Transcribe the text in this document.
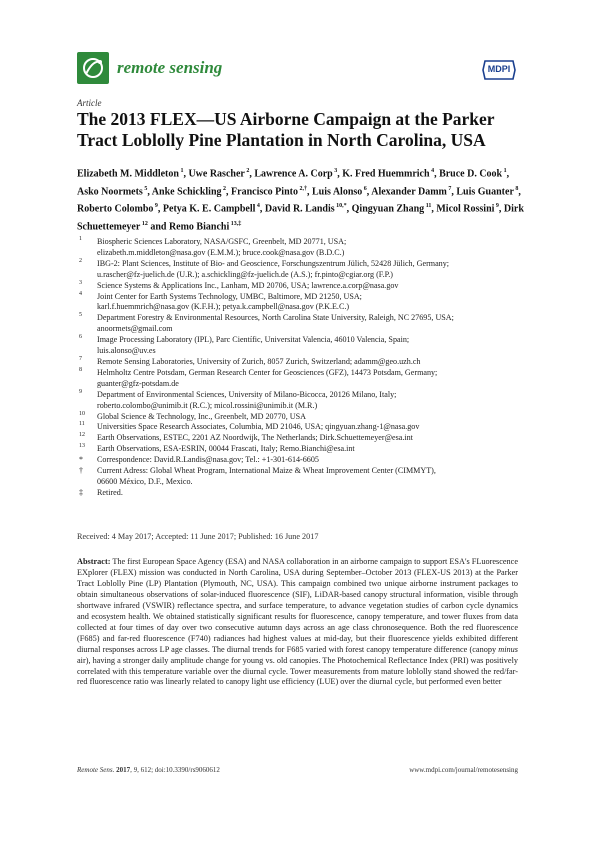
remote sensing	MDPI
Article
The 2013 FLEX—US Airborne Campaign at the Parker Tract Loblolly Pine Plantation in North Carolina, USA
Elizabeth M. Middleton $^1$, Uwe Rascher $^2$, Lawrence A. Corp $^3$, K. Fred Huemmrich $^4$, Bruce D. Cook $^1$, Asko Noormets $^5$, Anke Schickling $^2$, Francisco Pinto $^{2,\dagger}$, Luis Alonso $^6$, Alexander Damm $^7$, Luis Guanter $^8$, Roberto Colombo $^9$, Petya K. E. Campbell $^4$, David R. Landis $^{10,*}$, Qingyuan Zhang $^{11}$, Micol Rossini $^9$, Dirk Schuettemeyer $^{12}$ and Remo Bianchi $^{13,\ddagger}$
1 Biospheric Sciences Laboratory, NASA/GSFC, Greenbelt, MD 20771, USA;
elizabeth.m.middleton@nasa.gov (E.M.M.); bruce.cook@nasa.gov (B.D.C.)
2 IBG-2: Plant Sciences, Institute of Bio- and Geoscience, Forschungszentrum Jülich, 52428 Jülich, Germany;
u.rascher@fz-juelich.de (U.R.); a.schickling@fz-juelich.de (A.S.); fr.pinto@cgiar.org (F.P.)
3 Science Systems & Applications Inc., Lanham, MD 20706, USA; lawrence.a.corp@nasa.gov
4 Joint Center for Earth Systems Technology, UMBC, Baltimore, MD 21250, USA;
karl.f.huemmrich@nasa.gov (K.F.H.); petya.k.campbell@nasa.gov (P.K.E.C.)
5 Department Forestry & Environmental Resources, North Carolina State University, Raleigh, NC 27695, USA;
anoormets@gmail.com
6 Image Processing Laboratory (IPL), Parc Científic, Universitat Valencia, 46010 Valencia, Spain;
luis.alonso@uv.es
7 Remote Sensing Laboratories, University of Zurich, 8057 Zurich, Switzerland; adamm@geo.uzh.ch
8 Helmholtz Centre Potsdam, German Research Center for Geosciences (GFZ), 14473 Potsdam, Germany;
guanter@gfz-potsdam.de
9 Department of Environmental Sciences, University of Milano-Bicocca, 20126 Milano, Italy;
roberto.colombo@unimib.it (R.C.); micol.rossini@unimib.it (M.R.)
10 Global Science & Technology, Inc., Greenbelt, MD 20770, USA
11 Universities Space Research Associates, Columbia, MD 21046, USA; qingyuan.zhang-1@nasa.gov
12 Earth Observations, ESTEC, 2201 AZ Noordwijk, The Netherlands; Dirk.Schuettemeyer@esa.int
13 Earth Observations, ESA-ESRIN, 00044 Frascati, Italy; Remo.Bianchi@esa.int
* Correspondence: David.R.Landis@nasa.gov; Tel.: +1-301-614-6605
† Current Adress: Global Wheat Program, International Maize & Wheat Improvement Center (CIMMYT),
06600 México, D.F., Mexico.
‡ Retired.
Received: 4 May 2017; Accepted: 11 June 2017; Published: 16 June 2017
Abstract: The first European Space Agency (ESA) and NASA collaboration in an airborne campaign to support ESA's FLuorescence EXplorer (FLEX) mission was conducted in North Carolina, USA during September–October 2013 (FLEX-US 2013) at the Parker Tract Loblolly Pine (LP) Plantation (Plymouth, NC, USA). This campaign combined two unique airborne instrument packages to obtain simultaneous observations of solar-induced fluorescence (SIF), LiDAR-based canopy structural information, visible through shortwave infrared (VSWIR) reflectance spectra, and surface temperature, to advance vegetation studies of carbon cycle dynamics and ecosystem health. We obtained statistically significant results for fluorescence, canopy temperature, and tower fluxes from data collected at four times of day over two consecutive autumn days across an age class chronosequence. Both the red fluorescence (F685) and far-red fluorescence (F740) radiances had highest values at mid-day, but their fluorescence yields exhibited different diurnal responses across LP age classes. The diurnal trends for F685 varied with forest canopy temperature difference (canopy minus air), having a stronger daily amplitude change for young vs. old canopies. The Photochemical Reflectance Index (PRI) was positively correlated with this temperature variable over the diurnal cycle. Tower measurements from mature loblolly stand showed the red/far-red fluorescence ratio was linearly related to canopy light use efficiency (LUE) over the diurnal cycle, but performed even better
Remote Sens. 2017, 9, 612; doi:10.3390/rs9060612	www.mdpi.com/journal/remotesensing
